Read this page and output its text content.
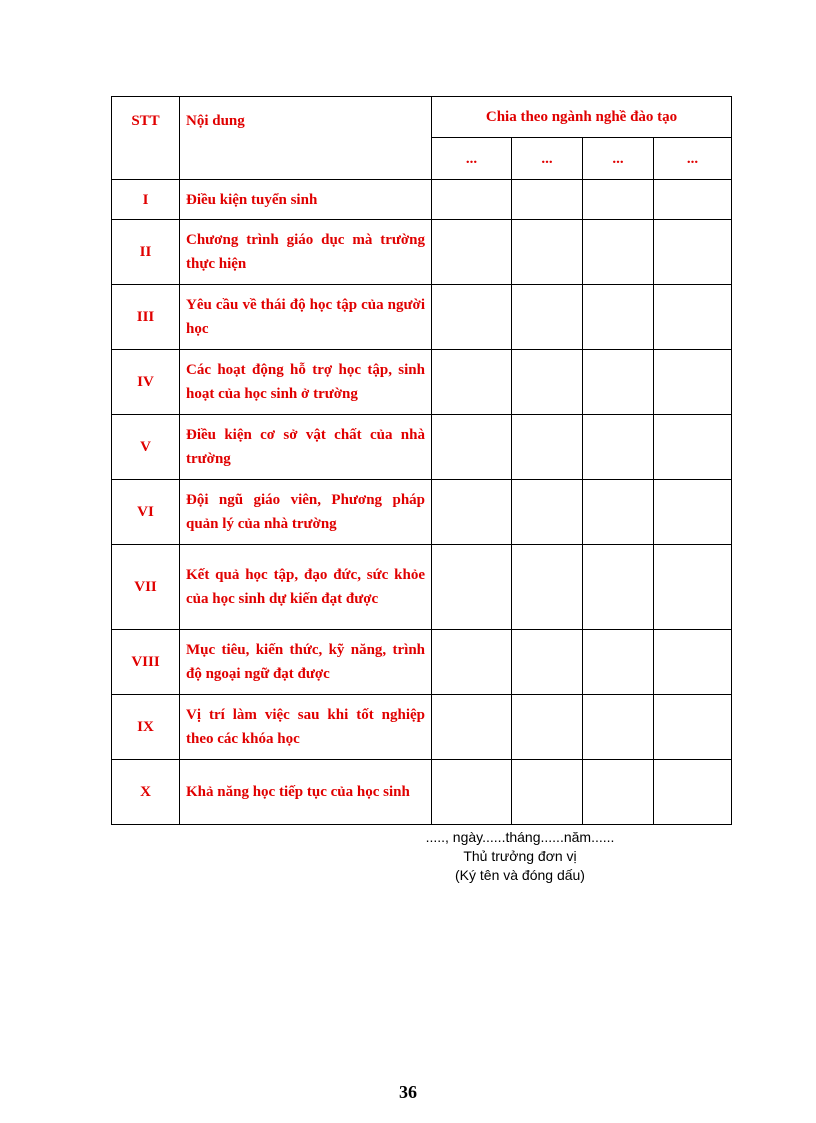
STT	Nội dung	Chia theo ngành nghề đào tạo			
		...	...	...	...
I	Điều kiện tuyển sinh				
II	Chương trình giáo dục mà trường thực hiện				
III	Yêu cầu về thái độ học tập của người học				
IV	Các hoạt động hỗ trợ học tập, sinh hoạt của học sinh ở trường				
V	Điều kiện cơ sở vật chất của nhà trường				
VI	Đội ngũ giáo viên, Phương pháp quản lý của nhà trường				
VII	Kết quả học tập, đạo đức, sức khỏe của học sinh dự kiến đạt được				
VIII	Mục tiêu, kiến thức, kỹ năng, trình độ ngoại ngữ đạt được				
IX	Vị trí làm việc sau khi tốt nghiệp theo các khóa học				
X	Khả năng học tiếp tục của học sinh				
....., ngày......tháng......năm......
Thủ trưởng đơn vị
(Ký tên và đóng dấu)
36
